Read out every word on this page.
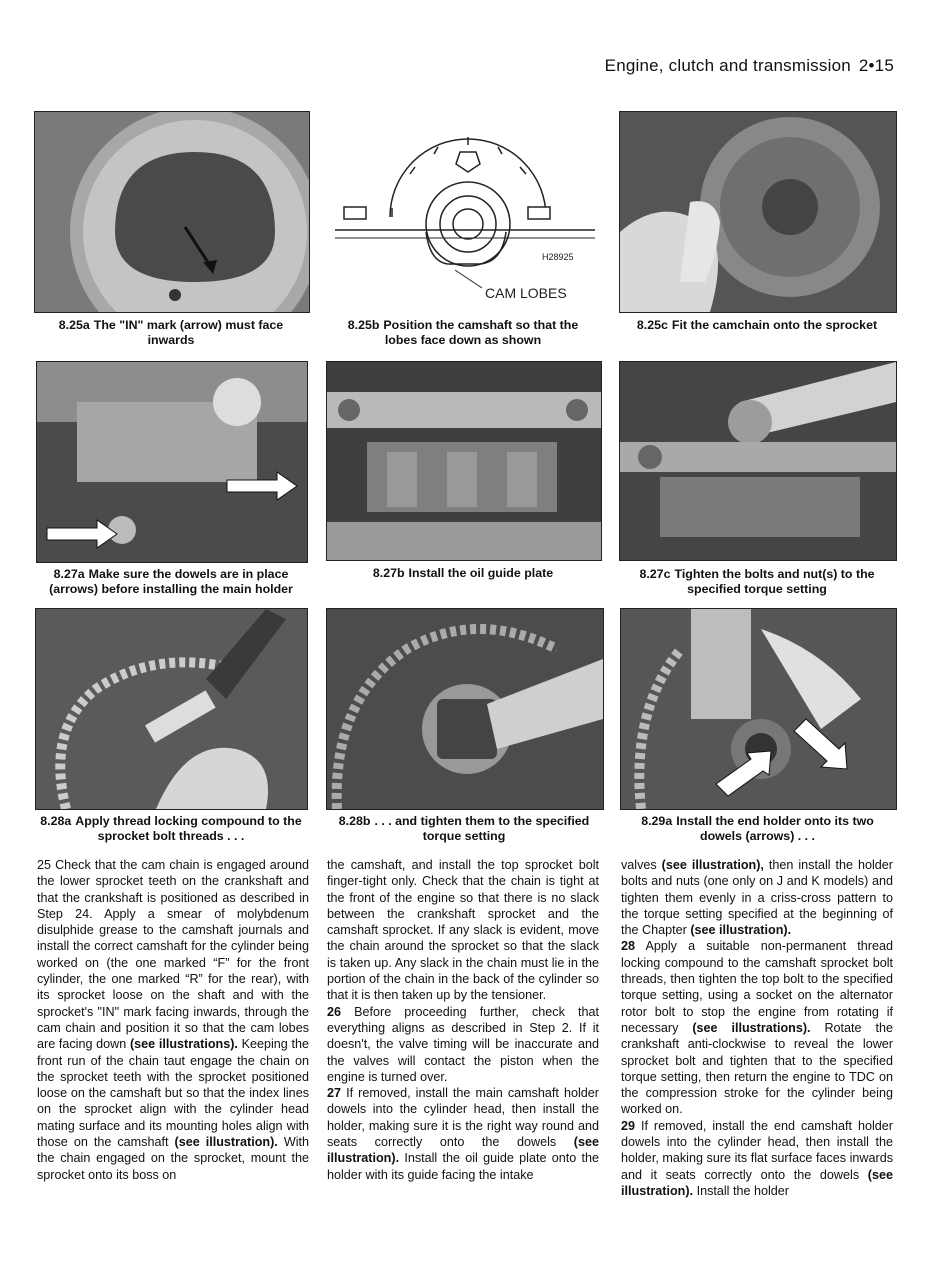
Engine, clutch and transmission 2•15
8.25a The "IN" mark (arrow) must face inwards
H28925
CAM LOBES
8.25b Position the camshaft so that the lobes face down as shown
8.25c Fit the camchain onto the sprocket
8.27a Make sure the dowels are in place (arrows) before installing the main holder
8.27b Install the oil guide plate	8.27c Tighten the bolts and nut(s) to the specified torque setting
8.28a Apply thread locking compound to the sprocket bolt threads . . .
8.28b . . . and tighten them to the specified torque setting
8.29a Install the end holder onto its two dowels (arrows) . . .

25 Check that the cam chain is engaged around the lower sprocket teeth on the crankshaft and that the crankshaft is positioned as described in Step 24. Apply a smear of molybdenum disulphide grease to the camshaft journals and install the correct camshaft for the cylinder being worked on (the one marked “F” for the front cylinder, the one marked “R” for the rear), with its sprocket loose on the shaft and with the sprocket's "IN" mark facing inwards, through the cam chain and position it so that the cam lobes are facing down (see illustrations). Keeping the front run of the chain taut engage the chain on the sprocket teeth with the sprocket positioned loose on the camshaft but so that the index lines on the sprocket align with the cylinder head mating surface and its mounting holes align with those on the camshaft (see illustration). With the chain engaged on the sprocket, mount the sprocket onto its boss on

the camshaft, and install the top sprocket bolt finger-tight only. Check that the chain is tight at the front of the engine so that there is no slack between the crankshaft sprocket and the camshaft sprocket. If any slack is evident, move the chain around the sprocket so that the slack is taken up. Any slack in the chain must lie in the portion of the chain in the back of the cylinder so that it is then taken up by the tensioner.
26 Before proceeding further, check that everything aligns as described in Step 2. If it doesn't, the valve timing will be inaccurate and the valves will contact the piston when the engine is turned over.
27 If removed, install the main camshaft holder dowels into the cylinder head, then install the holder, making sure it is the right way round and seats correctly onto the dowels (see illustration). Install the oil guide plate onto the holder with its guide facing the intake

valves (see illustration), then install the holder bolts and nuts (one only on J and K models) and tighten them evenly in a criss-cross pattern to the torque setting specified at the beginning of the Chapter (see illustration).
28 Apply a suitable non-permanent thread locking compound to the camshaft sprocket bolt threads, then tighten the top bolt to the specified torque setting, using a socket on the alternator rotor bolt to stop the engine from rotating if necessary (see illustrations). Rotate the crankshaft anti-clockwise to reveal the lower sprocket bolt and tighten that to the specified torque setting, then return the engine to TDC on the compression stroke for the cylinder being worked on.
29 If removed, install the end camshaft holder dowels into the cylinder head, then install the holder, making sure its flat surface faces inwards and it seats correctly onto the dowels (see illustration). Install the holder
